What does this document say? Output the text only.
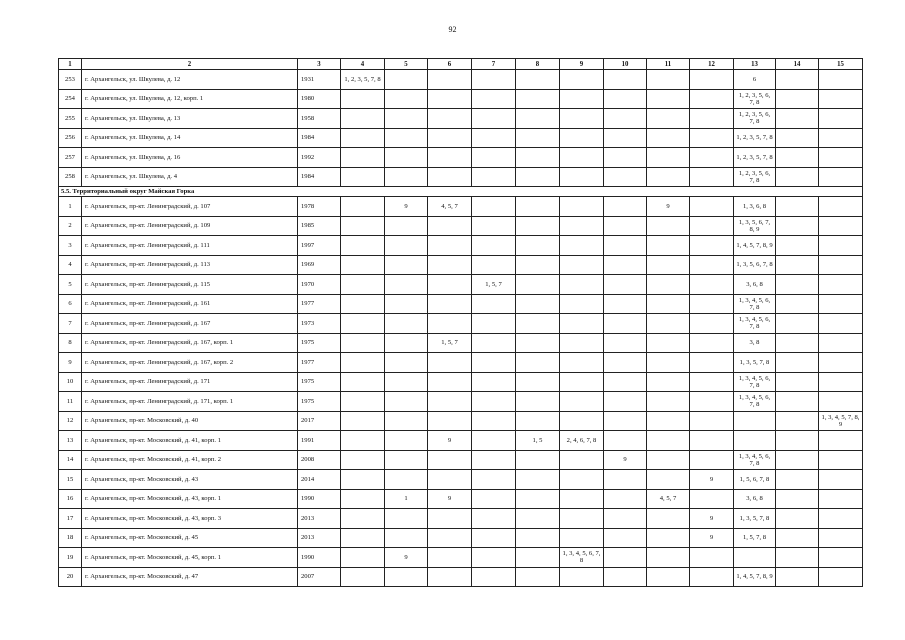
92
1	2	3	4	5	6	7	8	9	10	11	12	13	14	15
253	г. Архангельск, ул. Шкулева, д. 12	1931	1, 2, 3, 5, 7, 8									6		
254	г. Архангельск, ул. Шкулева, д. 12, корп. 1	1980										1, 2, 3, 5, 6, 7, 8		
255	г. Архангельск, ул. Шкулева, д. 13	1958										1, 2, 3, 5, 6, 7, 8		
256	г. Архангельск, ул. Шкулева, д. 14	1984										1, 2, 3, 5, 7, 8		
257	г. Архангельск, ул. Шкулева, д. 16	1992										1, 2, 3, 5, 7, 8		
258	г. Архангельск, ул. Шкулева, д. 4	1984										1, 2, 3, 5, 6, 7, 8		
5.5. Территориальный округ Майская Горка														
1	г. Архангельск, пр-кт. Ленинградский, д. 107	1978		9	4, 5, 7					9		1, 3, 6, 8		
2	г. Архангельск, пр-кт. Ленинградский, д. 109	1985										1, 3, 5, 6, 7, 8, 9		
3	г. Архангельск, пр-кт. Ленинградский, д. 111	1997										1, 4, 5, 7, 8, 9		
4	г. Архангельск, пр-кт. Ленинградский, д. 113	1969										1, 3, 5, 6, 7, 8		
5	г. Архангельск, пр-кт. Ленинградский, д. 115	1970				1, 5, 7						3, 6, 8		
6	г. Архангельск, пр-кт. Ленинградский, д. 161	1977										1, 3, 4, 5, 6, 7, 8		
7	г. Архангельск, пр-кт. Ленинградский, д. 167	1973										1, 3, 4, 5, 6, 7, 8		
8	г. Архангельск, пр-кт. Ленинградский, д. 167, корп. 1	1975			1, 5, 7							3, 8		
9	г. Архангельск, пр-кт. Ленинградский, д. 167, корп. 2	1977										1, 3, 5, 7, 8		
10	г. Архангельск, пр-кт. Ленинградский, д. 171	1975										1, 3, 4, 5, 6, 7, 8		
11	г. Архангельск, пр-кт. Ленинградский, д. 171, корп. 1	1975										1, 3, 4, 5, 6, 7, 8		
12	г. Архангельск, пр-кт. Московский, д. 40	2017												1, 3, 4, 5, 7, 8, 9
13	г. Архангельск, пр-кт. Московский, д. 41, корп. 1	1991			9		1, 5	2, 4, 6, 7, 8						
14	г. Архангельск, пр-кт. Московский, д. 41, корп. 2	2008							9			1, 3, 4, 5, 6, 7, 8		
15	г. Архангельск, пр-кт. Московский, д. 43	2014									9	1, 5, 6, 7, 8		
16	г. Архангельск, пр-кт. Московский, д. 43, корп. 1	1990		1	9					4, 5, 7		3, 6, 8		
17	г. Архангельск, пр-кт. Московский, д. 43, корп. 3	2013									9	1, 3, 5, 7, 8		
18	г. Архангельск, пр-кт. Московский, д. 45	2013									9	1, 5, 7, 8		
19	г. Архангельск, пр-кт. Московский, д. 45, корп. 1	1990		9				1, 3, 4, 5, 6, 7, 8						
20	г. Архангельск, пр-кт. Московский, д. 47	2007										1, 4, 5, 7, 8, 9		
